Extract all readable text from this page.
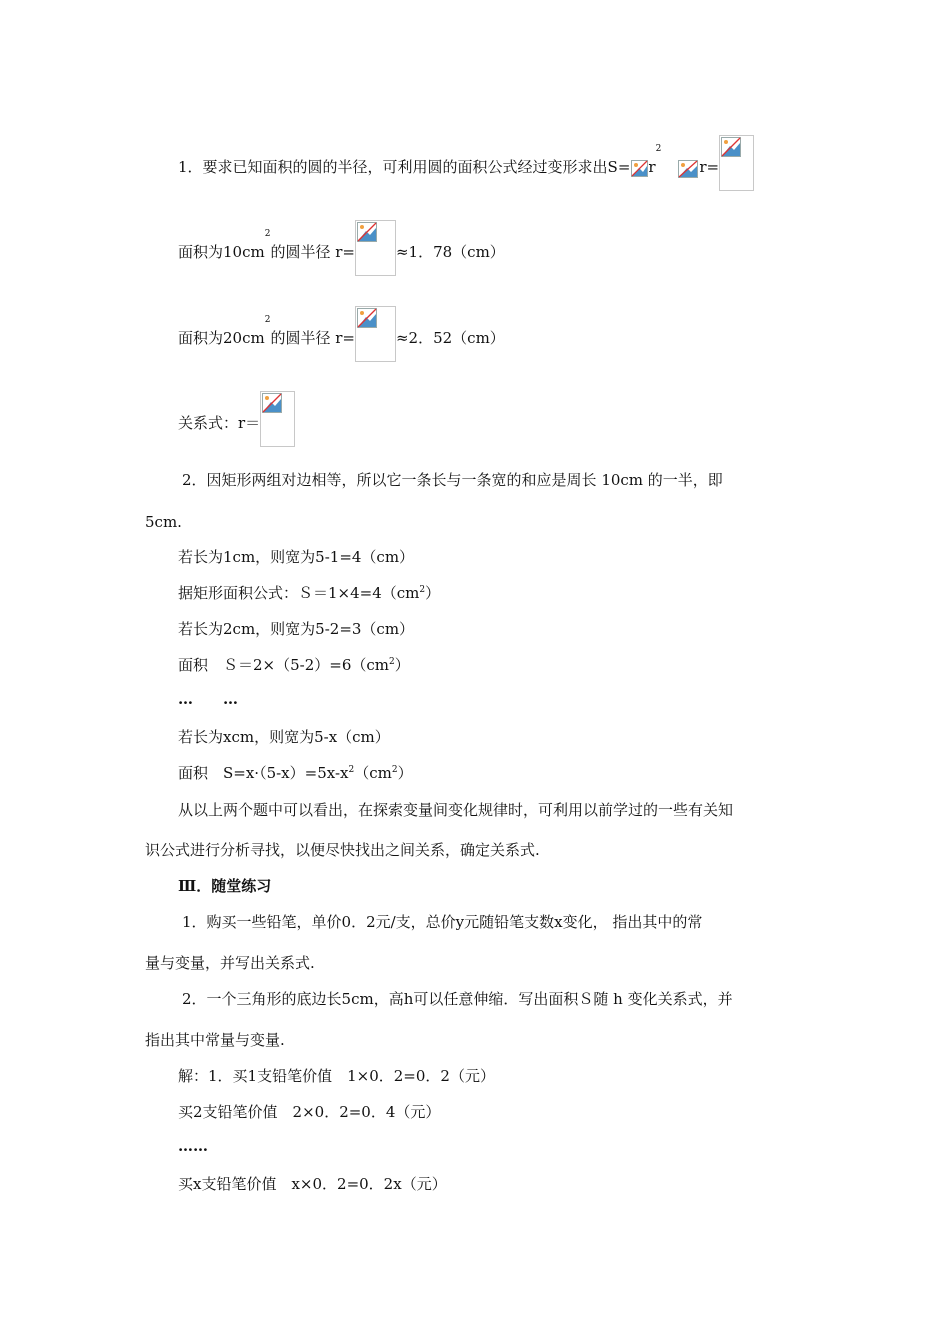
1．要求已知面积的圆的半径，可利用圆的面积公式经过变形求出$S= r^2$
r=
面积为$10cm^2$的圆半径 r=	≈1．78（cm）
面积为$20cm^2$的圆半径 r=	≈2．52（cm）
关系式：r＝
2．因矩形两组对边相等，所以它一条长与一条宽的和应是周长 10cm 的一半，即
5cm.
若长为1cm，则宽为5-1=4（cm）
据矩形面积公式：$S=1\times 4=4(cm^2)$
若长为2cm，则宽为5-2=3（cm）
面积　$S=2\times(5-2)=6(cm^2)$
…　　…
若长为xcm，则宽为5-x（cm）
面积　$S=x\cdot(5-x)=5x-x^2(cm^2)$
从以上两个题中可以看出，在探索变量间变化规律时，可利用以前学过的一些有关知
识公式进行分析寻找，以便尽快找出之间关系，确定关系式.
Ⅲ．随堂练习
1．购买一些铅笔，单价0．2元/支，总价y元随铅笔支数x变化， 指出其中的常
量与变量，并写出关系式.
2．一个三角形的底边长5cm，高h可以任意伸缩．写出面积Ｓ随 h 变化关系式，并
指出其中常量与变量.
解：1．买1支铅笔价值　1×0．2=0．2（元）
买2支铅笔价值　2×0．2=0．4（元）
……
买x支铅笔价值　x×0．2=0．2x（元）
